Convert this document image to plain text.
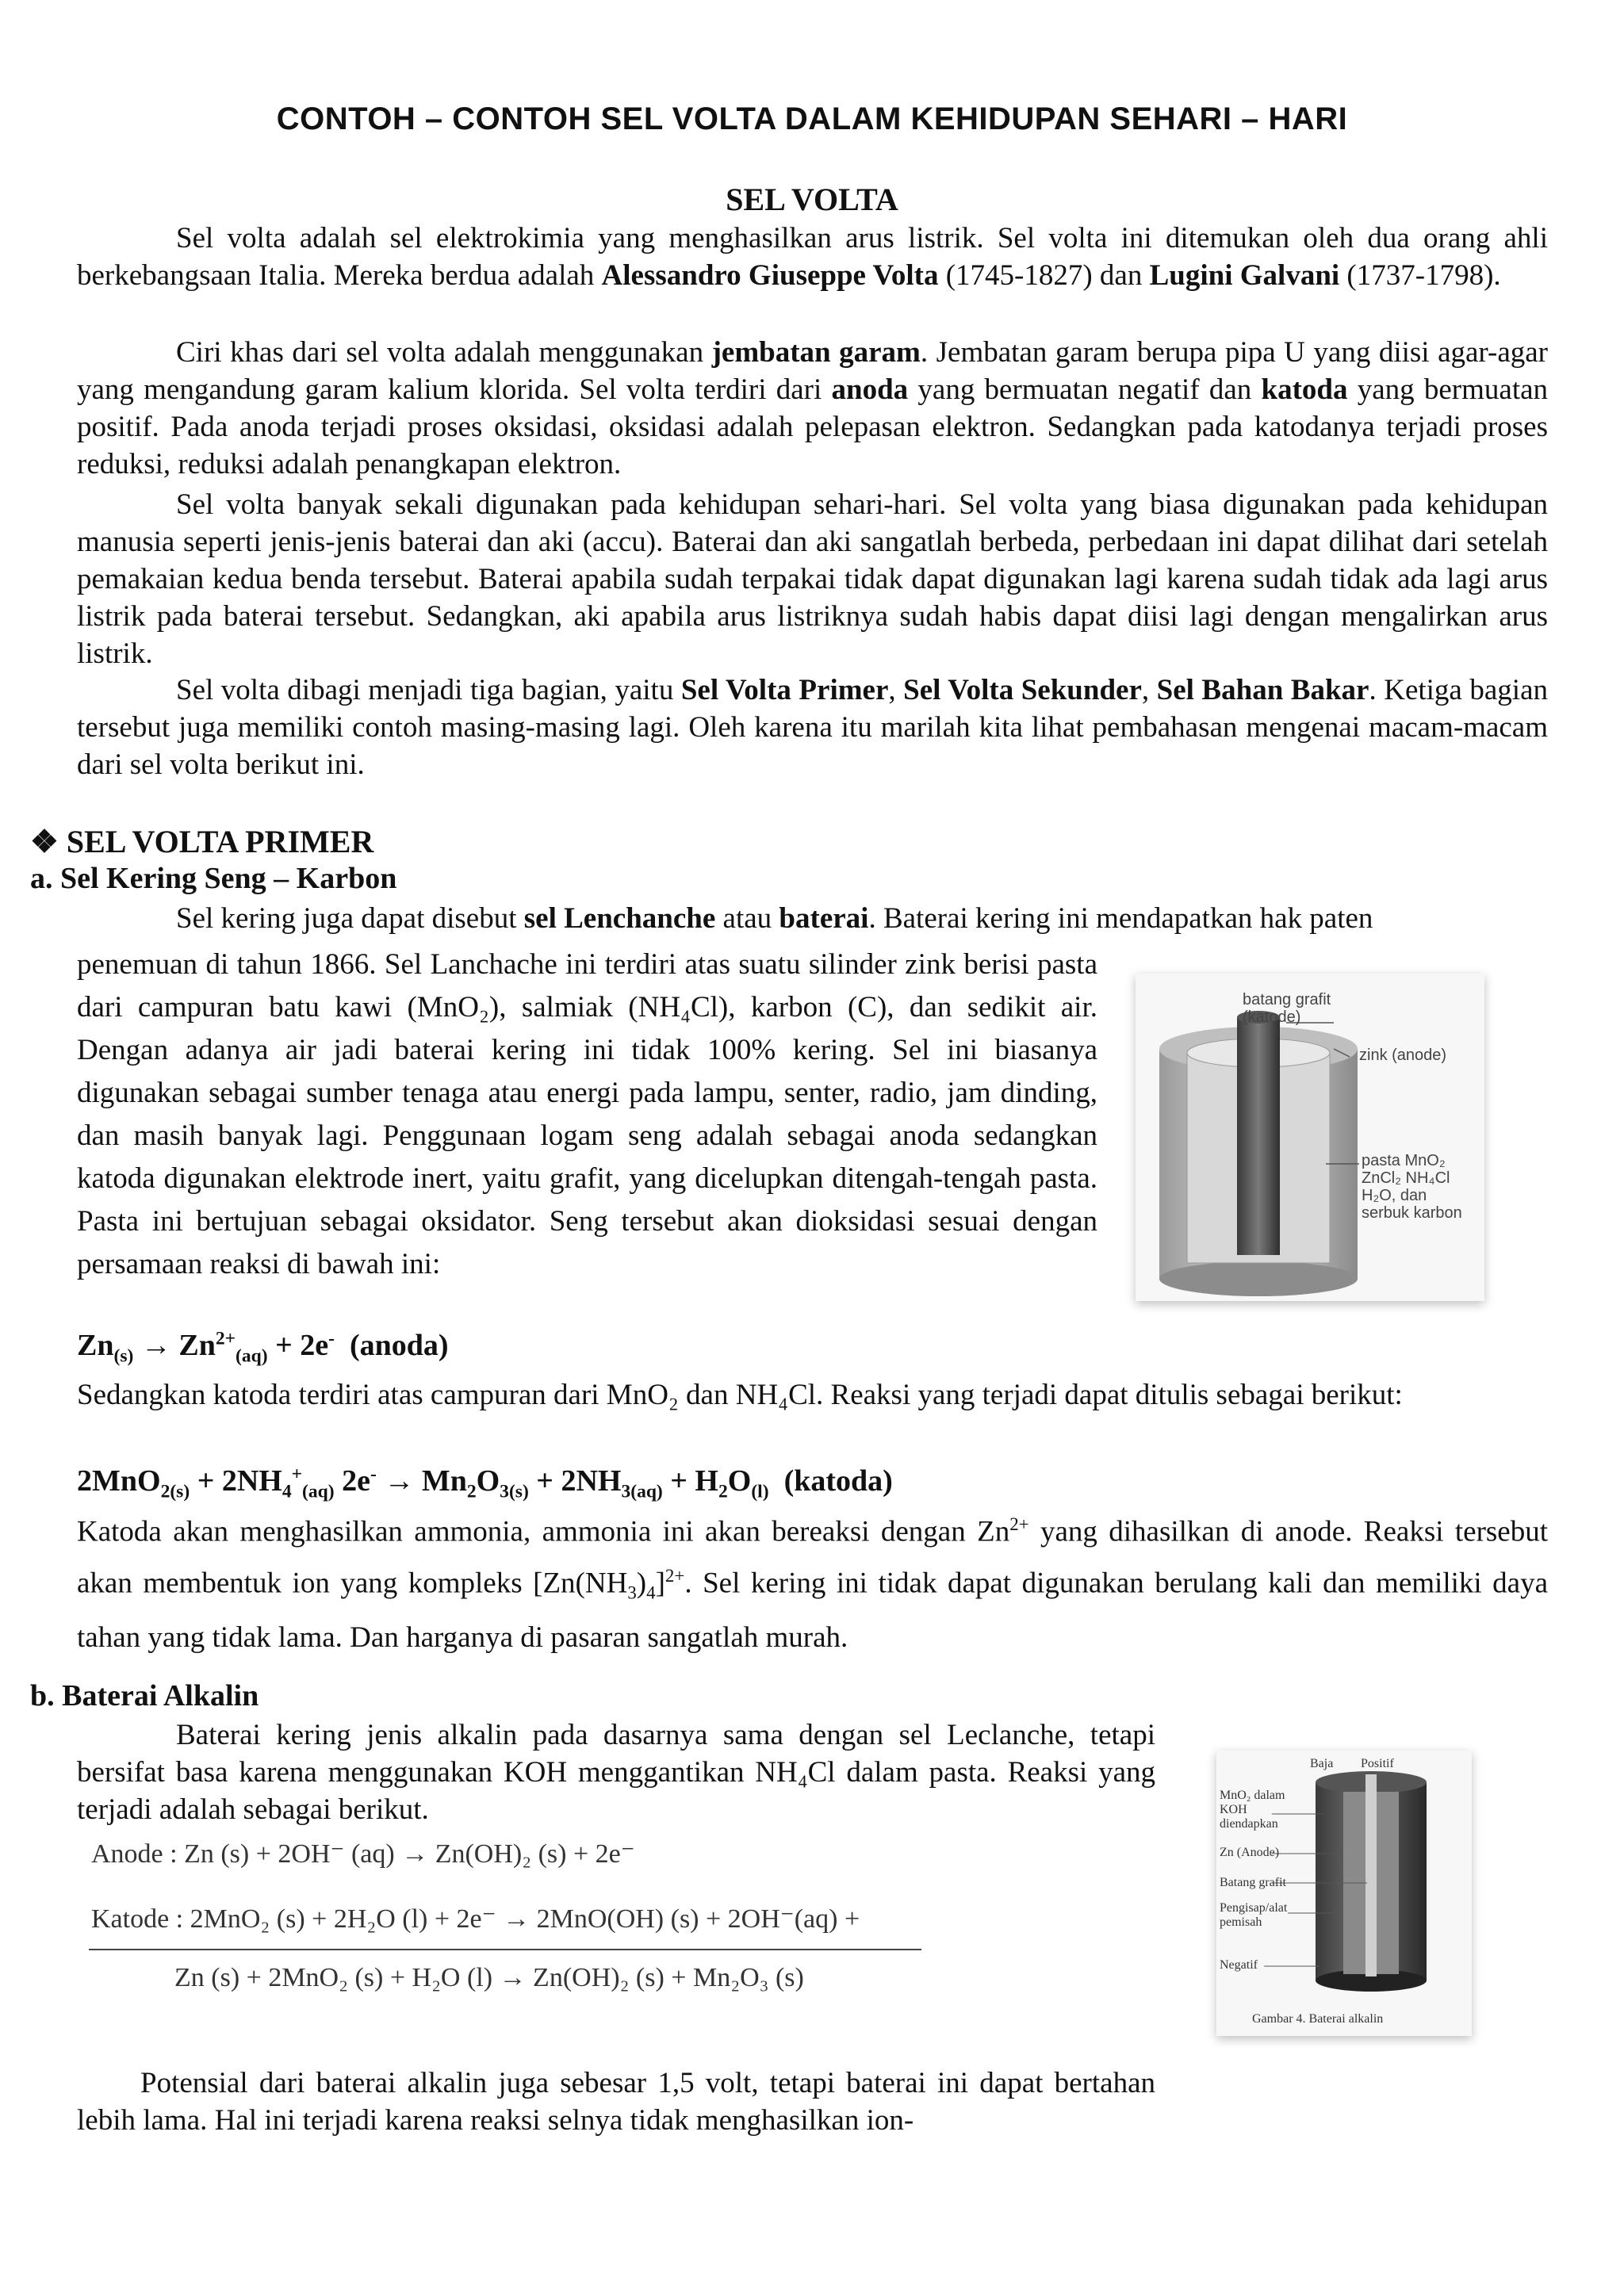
CONTOH – CONTOH SEL VOLTA DALAM KEHIDUPAN SEHARI – HARI
SEL VOLTA
Sel volta adalah sel elektrokimia yang menghasilkan arus listrik. Sel volta ini ditemukan oleh dua orang ahli berkebangsaan Italia. Mereka berdua adalah Alessandro Giuseppe Volta (1745-1827) dan Lugini Galvani (1737-1798).
Ciri khas dari sel volta adalah menggunakan jembatan garam. Jembatan garam berupa pipa U yang diisi agar-agar yang mengandung garam kalium klorida. Sel volta terdiri dari anoda yang bermuatan negatif dan katoda yang bermuatan positif. Pada anoda terjadi proses oksidasi, oksidasi adalah pelepasan elektron. Sedangkan pada katodanya terjadi proses reduksi, reduksi adalah penangkapan elektron.
Sel volta banyak sekali digunakan pada kehidupan sehari-hari. Sel volta yang biasa digunakan pada kehidupan manusia seperti jenis-jenis baterai dan aki (accu). Baterai dan aki sangatlah berbeda, perbedaan ini dapat dilihat dari setelah pemakaian kedua benda tersebut. Baterai apabila sudah terpakai tidak dapat digunakan lagi karena sudah tidak ada lagi arus listrik pada baterai tersebut. Sedangkan, aki apabila arus listriknya sudah habis dapat diisi lagi dengan mengalirkan arus listrik.
Sel volta dibagi menjadi tiga bagian, yaitu Sel Volta Primer, Sel Volta Sekunder, Sel Bahan Bakar. Ketiga bagian tersebut juga memiliki contoh masing-masing lagi. Oleh karena itu marilah kita lihat pembahasan mengenai macam-macam dari sel volta berikut ini.
❖ SEL VOLTA PRIMER
a. Sel Kering Seng – Karbon
Sel kering juga dapat disebut sel Lenchanche atau baterai. Baterai kering ini mendapatkan hak paten
penemuan di tahun 1866. Sel Lanchache ini terdiri atas suatu silinder zink berisi pasta dari campuran batu kawi (MnO₂), salmiak (NH₄Cl), karbon (C), dan sedikit air. Dengan adanya air jadi baterai kering ini tidak 100% kering. Sel ini biasanya digunakan sebagai sumber tenaga atau energi pada lampu, senter, radio, jam dinding, dan masih banyak lagi. Penggunaan logam seng adalah sebagai anoda sedangkan katoda digunakan elektrode inert, yaitu grafit, yang dicelupkan ditengah-tengah pasta. Pasta ini bertujuan sebagai oksidator. Seng tersebut akan dioksidasi sesuai dengan persamaan reaksi di bawah ini:
batang grafit (katode)
zink (anode)
pasta MnO₂ ZnCl₂ NH₄Cl H₂O, dan serbuk karbon
$Zn_{(s)} \to Zn^{2+}_{(aq)} + 2e^-$ (anoda)
Sedangkan katoda terdiri atas campuran dari MnO₂ dan NH₄Cl. Reaksi yang terjadi dapat ditulis sebagai berikut:
$2MnO_{2(s)} + 2NH_4^+_{(aq)}$ $2e^- \to Mn_2O_{3(s)} + 2NH_{3(aq)} + H_2O_{(l)}$ (katoda)
Katoda akan menghasilkan ammonia, ammonia ini akan bereaksi dengan $Zn^{2+}$ yang dihasilkan di anode. Reaksi tersebut akan membentuk ion yang kompleks $[Zn(NH_3)_4]^{2+}$. Sel kering ini tidak dapat digunakan berulang kali dan memiliki daya tahan yang tidak lama. Dan harganya di pasaran sangatlah murah.
b. Baterai Alkalin
Baterai kering jenis alkalin pada dasarnya sama dengan sel Leclanche, tetapi bersifat basa karena menggunakan KOH menggantikan NH₄Cl dalam pasta. Reaksi yang terjadi adalah sebagai berikut.
Anode : Zn (s) + 2OH⁻ (aq) → Zn(OH)₂ (s) + 2e⁻
Katode : 2MnO₂ (s) + 2H₂O (l) + 2e⁻ → 2MnO(OH) (s) + 2OH⁻(aq) +
Zn (s) + 2MnO₂ (s) + H₂O (l) → Zn(OH)₂ (s) + Mn₂O₃ (s)
Baja Positif
MnO₂ dalam KOH diendapkan
Zn (Anode)
Batang grafit
Pengisap/alat pemisah
Negatif
Gambar 4. Baterai alkalin
Potensial dari baterai alkalin juga sebesar 1,5 volt, tetapi baterai ini dapat bertahan lebih lama. Hal ini terjadi karena reaksi selnya tidak menghasilkan ion-
